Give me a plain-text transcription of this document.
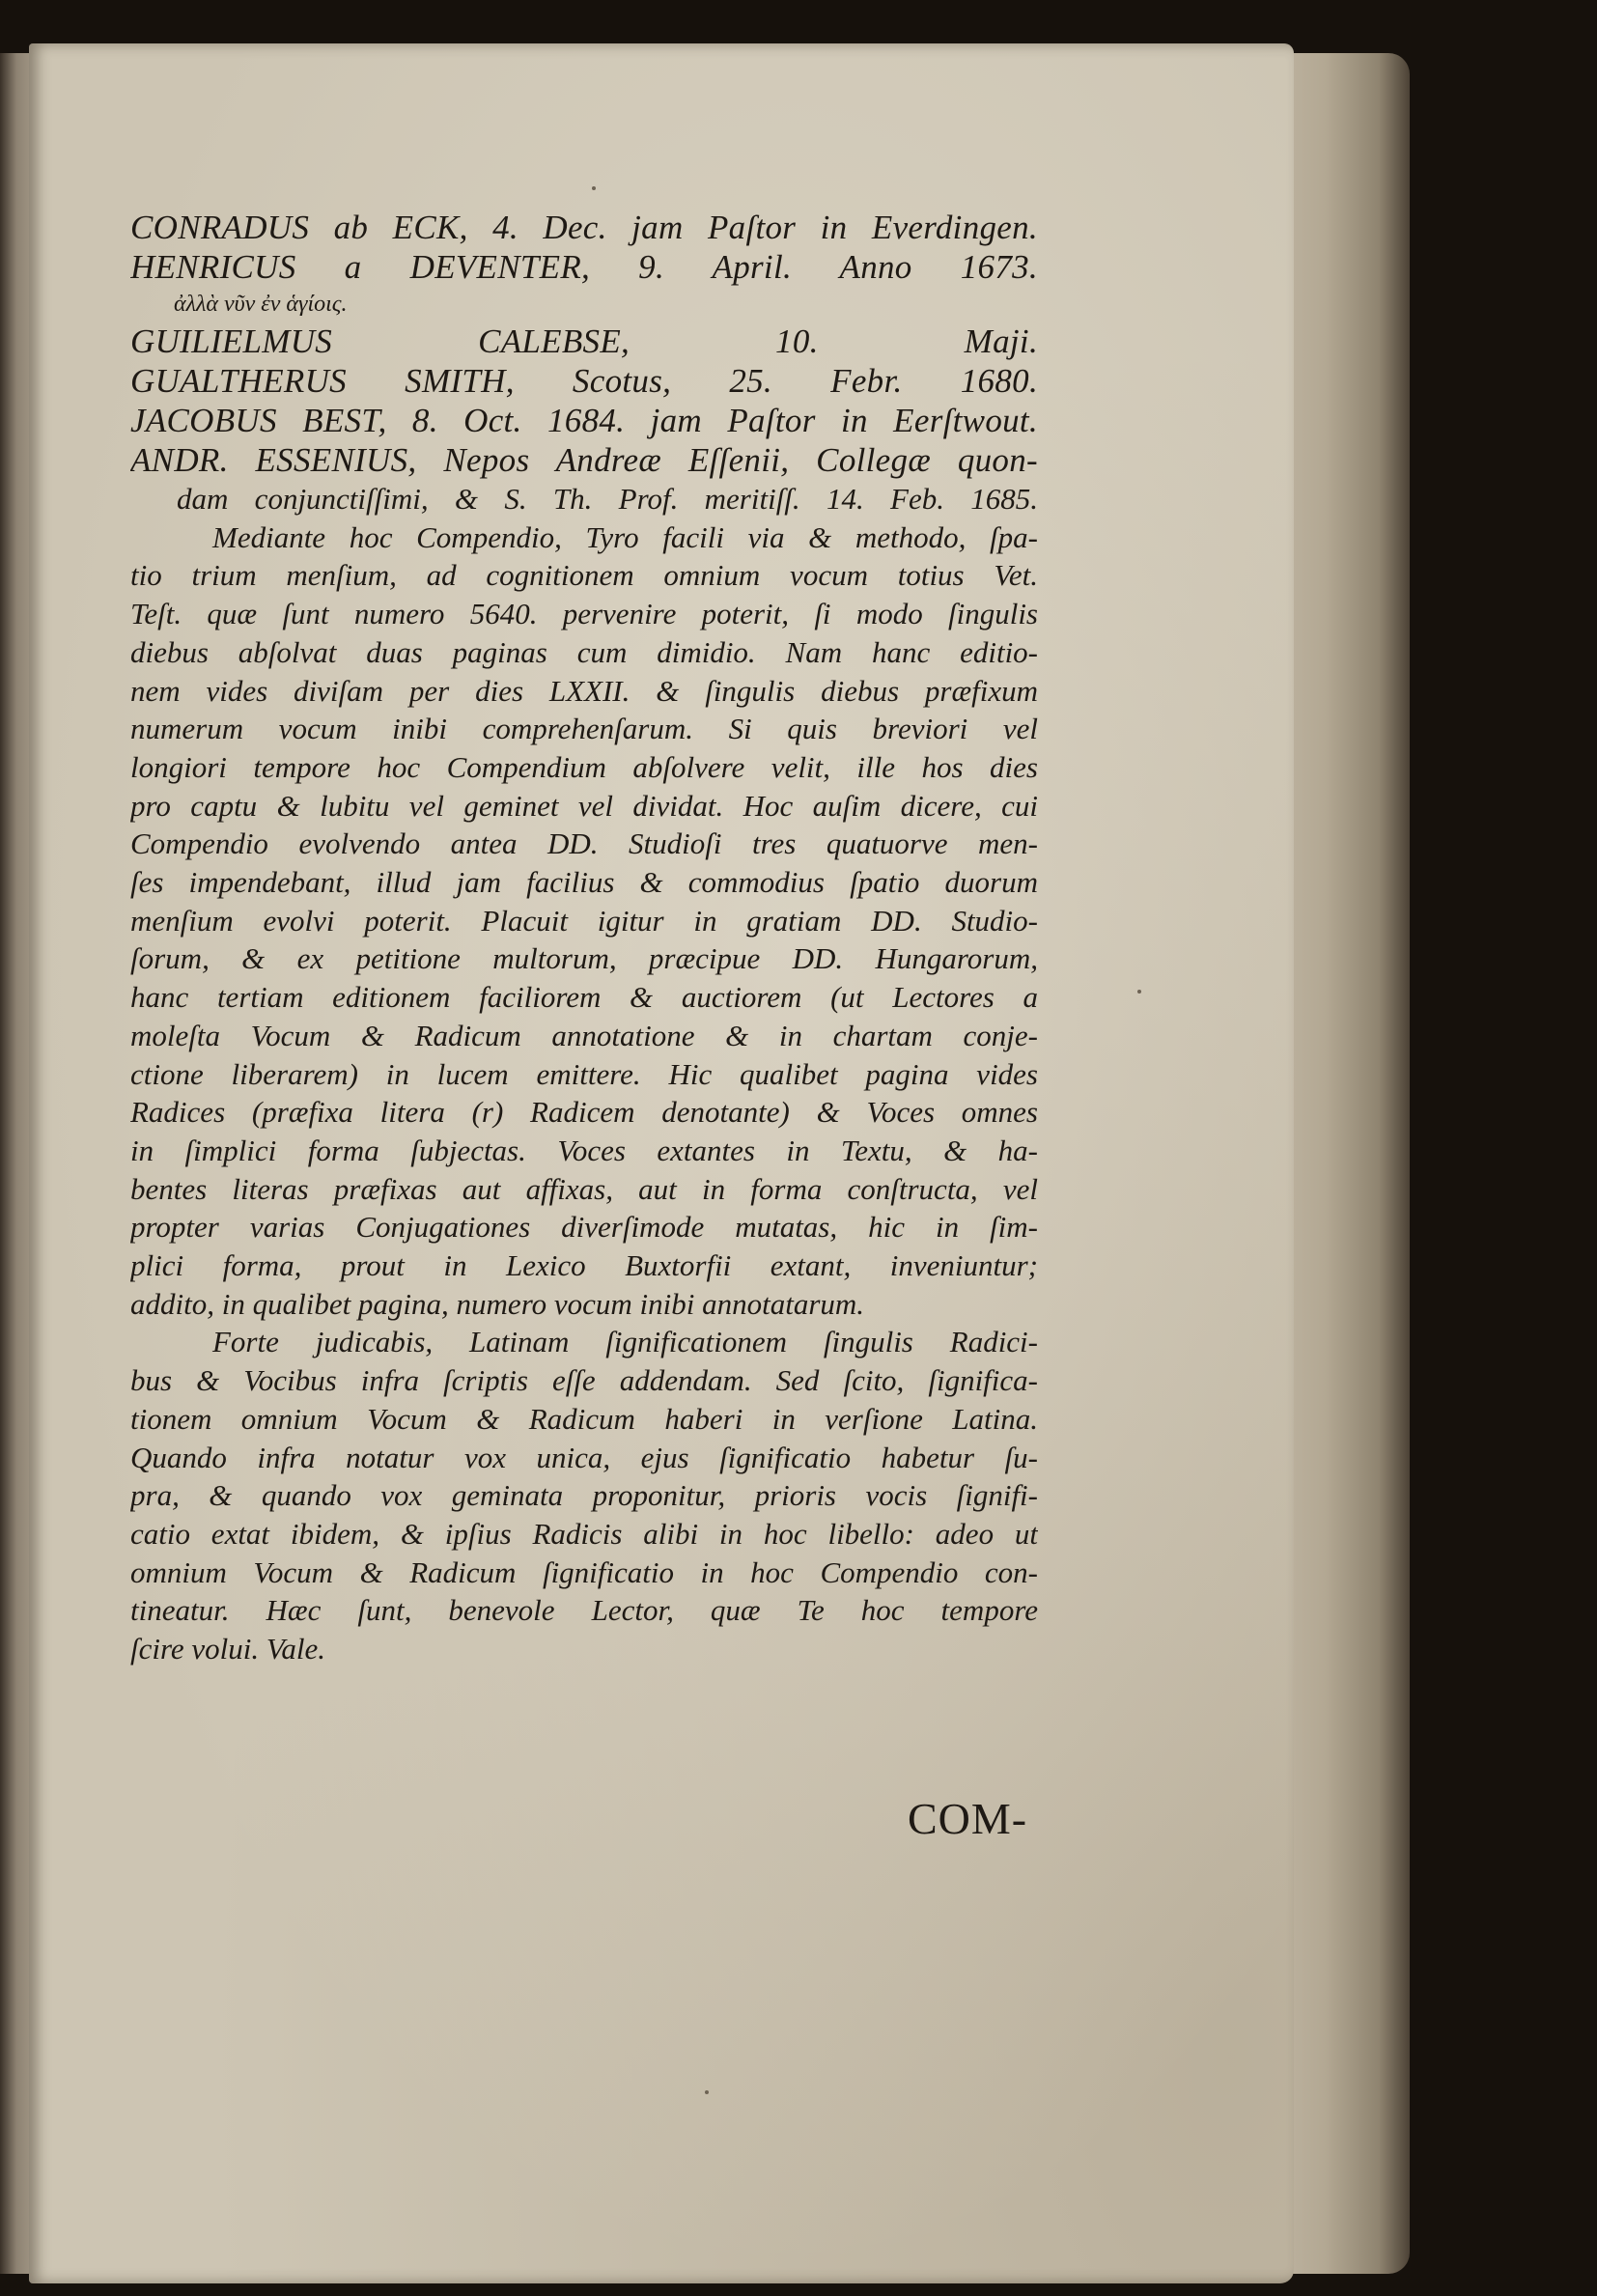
CONRADUS ab ECK, 4. Dec. jam Paſtor in Everdingen.
HENRICUS a DEVENTER, 9. April. Anno 1673.
ἀλλὰ νῦν ἐν ἁγίοις.
GUILIELMUS CALEBSE, 10. Maji.
GUALTHERUS SMITH, Scotus, 25. Febr. 1680.
JACOBUS BEST, 8. Oct. 1684. jam Paſtor in Eerſtwout.
ANDR. ESSENIUS, Nepos Andreæ Eſſenii, Collegæ quon-
dam conjunctiſſimi, & S. Th. Prof. meritiſſ. 14. Feb. 1685.
Mediante hoc Compendio, Tyro facili via & methodo, ſpa-
tio trium menſium, ad cognitionem omnium vocum totius Vet.
Teſt. quæ ſunt numero 5640. pervenire poterit, ſi modo ſingulis
diebus abſolvat duas paginas cum dimidio. Nam hanc editio-
nem vides diviſam per dies LXXII. & ſingulis diebus præfixum
numerum vocum inibi comprehenſarum. Si quis breviori vel
longiori tempore hoc Compendium abſolvere velit, ille hos dies
pro captu & lubitu vel geminet vel dividat. Hoc auſim dicere, cui
Compendio evolvendo antea DD. Studioſi tres quatuorve men-
ſes impendebant, illud jam facilius & commodius ſpatio duorum
menſium evolvi poterit. Placuit igitur in gratiam DD. Studio-
ſorum, & ex petitione multorum, præcipue DD. Hungarorum,
hanc tertiam editionem faciliorem & auctiorem (ut Lectores a
moleſta Vocum & Radicum annotatione & in chartam conje-
ctione liberarem) in lucem emittere. Hic qualibet pagina vides
Radices (præfixa litera (r) Radicem denotante) & Voces omnes
in ſimplici forma ſubjectas. Voces extantes in Textu, & ha-
bentes literas præfixas aut affixas, aut in forma conſtructa, vel
propter varias Conjugationes diverſimode mutatas, hic in ſim-
plici forma, prout in Lexico Buxtorfii extant, inveniuntur;
addito, in qualibet pagina, numero vocum inibi annotatarum.
Forte judicabis, Latinam ſignificationem ſingulis Radici-
bus & Vocibus infra ſcriptis eſſe addendam. Sed ſcito, ſignifica-
tionem omnium Vocum & Radicum haberi in verſione Latina.
Quando infra notatur vox unica, ejus ſignificatio habetur ſu-
pra, & quando vox geminata proponitur, prioris vocis ſignifi-
catio extat ibidem, & ipſius Radicis alibi in hoc libello: adeo ut
omnium Vocum & Radicum ſignificatio in hoc Compendio con-
tineatur. Hæc ſunt, benevole Lector, quæ Te hoc tempore
ſcire volui. Vale.
COM-
